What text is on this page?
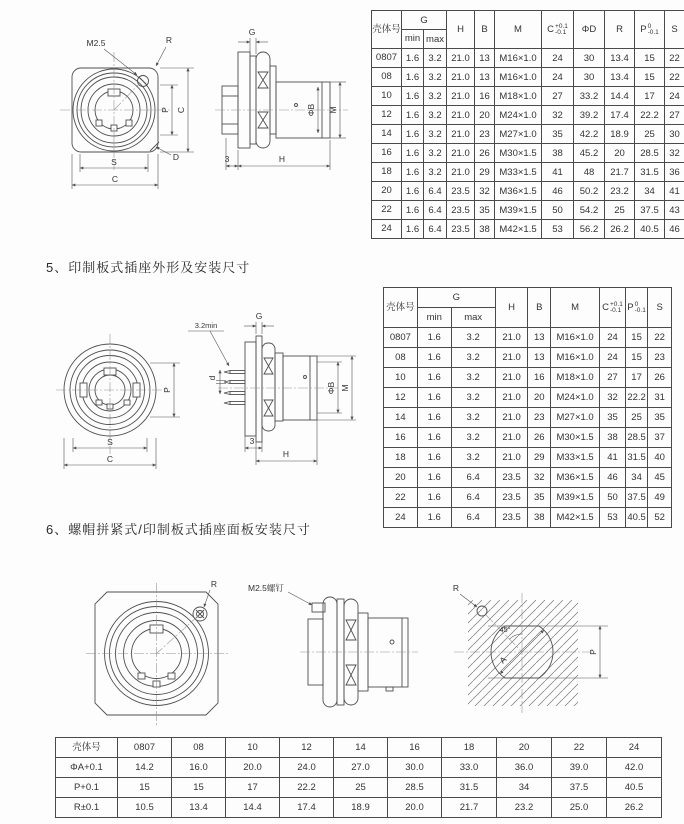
M2.5	R
P C
S
C
D
G
ΦB M
3	H
壳体号	G		H	B	M	C +0.1
-0.1	ΦD	R	P 0
-0.1	S
	min	max								
0807	1.6	3.2	21.0	13	M16×1.0	24	30	13.4	15	22
08	1.6	3.2	21.0	13	M16×1.0	24	30	13.4	15	22
10	1.6	3.2	21.0	16	M18×1.0	27	33.2	14.4	17	24
12	1.6	3.2	21.0	20	M24×1.0	32	39.2	17.4	22.2	27
14	1.6	3.2	21.0	23	M27×1.0	35	42.2	18.9	25	30
16	1.6	3.2	21.0	26	M30×1.5	38	45.2	20	28.5	32
18	1.6	3.2	21.0	29	M33×1.5	41	48	21.7	31.5	36
20	1.6	6.4	23.5	32	M36×1.5	46	50.2	23.2	34	41
22	1.6	6.4	23.5	35	M39×1.5	50	54.2	25	37.5	43
24	1.6	6.4	23.5	38	M42×1.5	53	56.2	26.2	40.5	46
5、印制板式插座外形及安装尺寸
P
S
C
3.2min
d
G
ΦB M
3
H
壳体号	G		H	B	M	C +0.1
-0.1	P 0
-0.1	S
	min	max						
0807	1.6	3.2	21.0	13	M16×1.0	24	15	22
08	1.6	3.2	21.0	13	M16×1.0	24	15	23
10	1.6	3.2	21.0	16	M18×1.0	27	17	26
12	1.6	3.2	21.0	20	M24×1.0	32	22.2	31
14	1.6	3.2	21.0	23	M27×1.0	35	25	35
16	1.6	3.2	21.0	26	M30×1.5	38	28.5	37
18	1.6	3.2	21.0	29	M33×1.5	41	31.5	40
20	1.6	6.4	23.5	32	M36×1.5	46	34	45
22	1.6	6.4	23.5	35	M39×1.5	50	37.5	49
24	1.6	6.4	23.5	38	M42×1.5	53	40.5	52
6、螺帽拼紧式/印制板式插座面板安装尺寸
R	M2.5螺钉	R
45°
A
P
壳体号	0807	08	10	12	14	16	18	20	22	24
ΦA+0.1	14.2	16.0	20.0	24.0	27.0	30.0	33.0	36.0	39.0	42.0
P+0.1	15	15	17	22.2	25	28.5	31.5	34	37.5	40.5
R±0.1	10.5	13.4	14.4	17.4	18.9	20.0	21.7	23.2	25.0	26.2
